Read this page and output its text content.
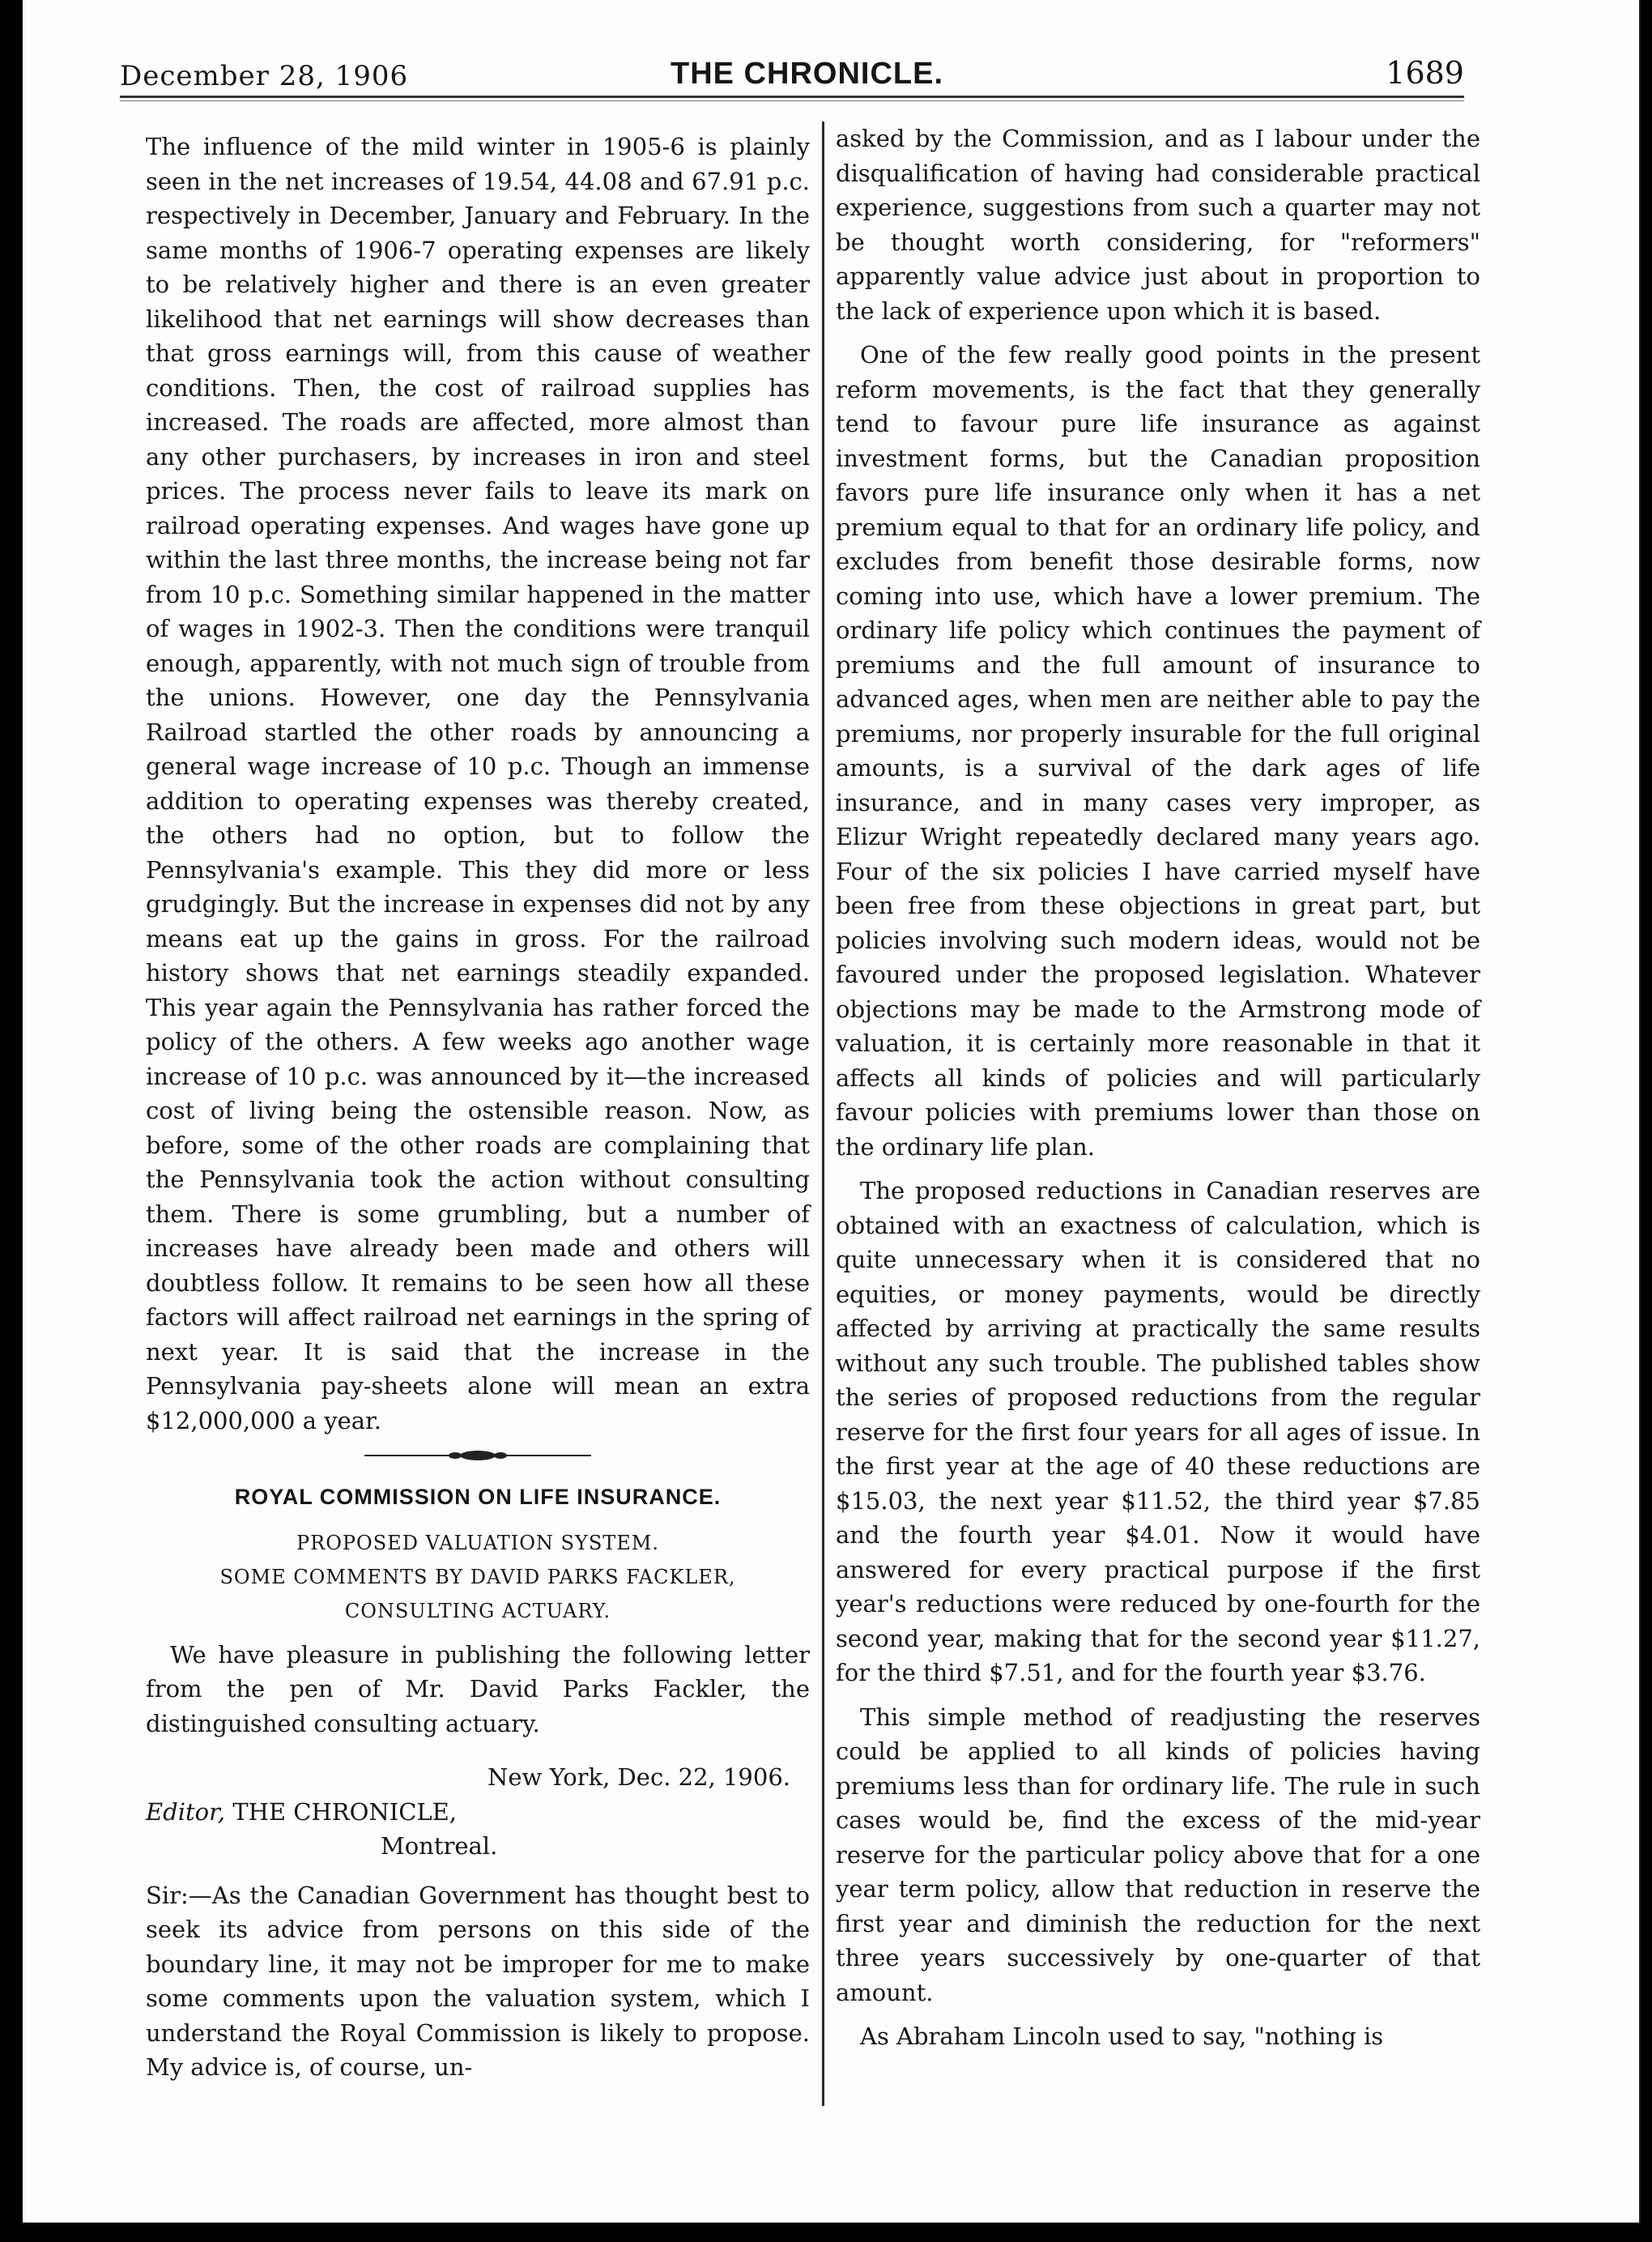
December 28, 1906	THE CHRONICLE.	1689

The influence of the mild winter in 1905-6 is plainly seen in the net increases of 19.54, 44.08 and 67.91 p.c. respectively in December, January and February. In the same months of 1906-7 operating expenses are likely to be relatively higher and there is an even greater likelihood that net earnings will show decreases than that gross earnings will, from this cause of weather conditions. Then, the cost of railroad supplies has increased. The roads are affected, more almost than any other purchasers, by increases in iron and steel prices. The process never fails to leave its mark on railroad operating expenses. And wages have gone up within the last three months, the increase being not far from 10 p.c. Something similar happened in the matter of wages in 1902-3. Then the conditions were tranquil enough, apparently, with not much sign of trouble from the unions. However, one day the Pennsylvania Railroad startled the other roads by announcing a general wage increase of 10 p.c. Though an immense addition to operating expenses was thereby created, the others had no option, but to follow the Pennsylvania's example. This they did more or less grudgingly. But the increase in expenses did not by any means eat up the gains in gross. For the railroad history shows that net earnings steadily expanded. This year again the Pennsylvania has rather forced the policy of the others. A few weeks ago another wage increase of 10 p.c. was announced by it—the increased cost of living being the ostensible reason. Now, as before, some of the other roads are complaining that the Pennsylvania took the action without consulting them. There is some grumbling, but a number of increases have already been made and others will doubtless follow. It remains to be seen how all these factors will affect railroad net earnings in the spring of next year. It is said that the increase in the Pennsylvania pay-sheets alone will mean an extra $12,000,000 a year.

ROYAL COMMISSION ON LIFE INSURANCE.

PROPOSED VALUATION SYSTEM.

SOME COMMENTS BY DAVID PARKS FACKLER,

CONSULTING ACTUARY.

We have pleasure in publishing the following letter from the pen of Mr. David Parks Fackler, the distinguished consulting actuary.

New York, Dec. 22, 1906.

Editor, THE CHRONICLE,

Montreal.

Sir:—As the Canadian Government has thought best to seek its advice from persons on this side of the boundary line, it may not be improper for me to make some comments upon the valuation system, which I understand the Royal Commission is likely to propose. My advice is, of course, un-

asked by the Commission, and as I labour under the disqualification of having had considerable practical experience, suggestions from such a quarter may not be thought worth considering, for "reformers" apparently value advice just about in proportion to the lack of experience upon which it is based.

One of the few really good points in the present reform movements, is the fact that they generally tend to favour pure life insurance as against investment forms, but the Canadian proposition favors pure life insurance only when it has a net premium equal to that for an ordinary life policy, and excludes from benefit those desirable forms, now coming into use, which have a lower premium. The ordinary life policy which continues the payment of premiums and the full amount of insurance to advanced ages, when men are neither able to pay the premiums, nor properly insurable for the full original amounts, is a survival of the dark ages of life insurance, and in many cases very improper, as Elizur Wright repeatedly declared many years ago. Four of the six policies I have carried myself have been free from these objections in great part, but policies involving such modern ideas, would not be favoured under the proposed legislation. Whatever objections may be made to the Armstrong mode of valuation, it is certainly more reasonable in that it affects all kinds of policies and will particularly favour policies with premiums lower than those on the ordinary life plan.

The proposed reductions in Canadian reserves are obtained with an exactness of calculation, which is quite unnecessary when it is considered that no equities, or money payments, would be directly affected by arriving at practically the same results without any such trouble. The published tables show the series of proposed reductions from the regular reserve for the first four years for all ages of issue. In the first year at the age of 40 these reductions are $15.03, the next year $11.52, the third year $7.85 and the fourth year $4.01. Now it would have answered for every practical purpose if the first year's reductions were reduced by one-fourth for the second year, making that for the second year $11.27, for the third $7.51, and for the fourth year $3.76.

This simple method of readjusting the reserves could be applied to all kinds of policies having premiums less than for ordinary life. The rule in such cases would be, find the excess of the mid-year reserve for the particular policy above that for a one year term policy, allow that reduction in reserve the first year and diminish the reduction for the next three years successively by one-quarter of that amount.

As Abraham Lincoln used to say, "nothing is
